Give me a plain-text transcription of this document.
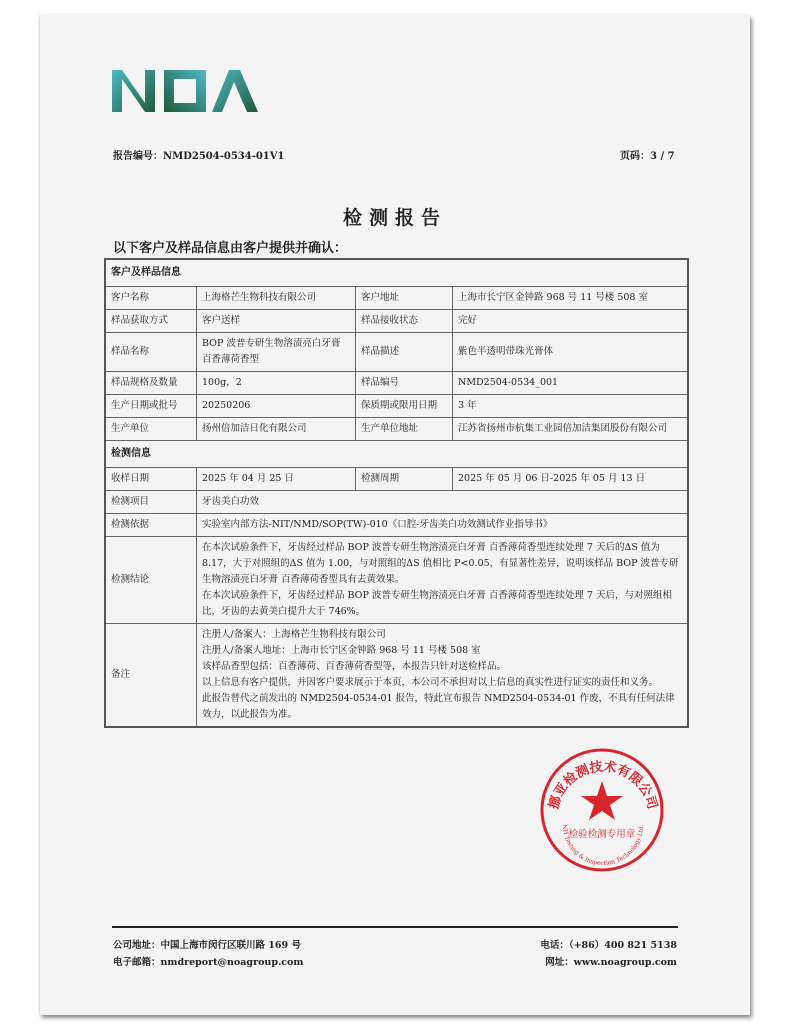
报告编号：NMD2504-0534-01V1	页码：3 / 7
检测报告
以下客户及样品信息由客户提供并确认：
客户及样品信息			
客户名称	上海格芒生物科技有限公司	客户地址	上海市长宁区金钟路 968 号 11 号楼 508 室
样品获取方式	客户送样	样品接收状态	完好
样品名称	BOP 波普专研生物溶渍亮白牙膏 百香薄荷香型	样品描述	紫色半透明带珠光膏体
样品规格及数量	100g，2	样品编号	NMD2504-0534_001
生产日期或批号	20250206	保质期或限用日期	3 年
生产单位	扬州倍加洁日化有限公司	生产单位地址	江苏省扬州市杭集工业园倍加洁集团股份有限公司
检测信息			
收样日期	2025 年 04 月 25 日	检测周期	2025 年 05 月 06 日-2025 年 05 月 13 日
检测项目	牙齿美白功效		
检测依据	实验室内部方法-NIT/NMD/SOP(TW)-010《口腔-牙齿美白功效测试作业指导书》		
检测结论	在本次试验条件下，牙齿经过样品 BOP 波普专研生物溶渍亮白牙膏 百香薄荷香型连续处理 7 天后的ΔS 值为 8.17，大于对照组的ΔS 值为 1.00，与对照组的ΔS 值相比 P<0.05，有显著性差异，说明该样品 BOP 波普专研生物溶渍亮白牙膏 百香薄荷香型具有去黄效果。
在本次试验条件下，牙齿经过样品 BOP 波普专研生物溶渍亮白牙膏 百香薄荷香型连续处理 7 天后，与对照组相比，牙齿的去黄美白提升大于 746%。		

备注	注册人/备案人：上海格芒生物科技有限公司
注册人/备案人地址：上海市长宁区金钟路 968 号 11 号楼 508 室
该样品香型包括：百香薄荷、百香薄荷香型等，本报告只针对送检样品。
以上信息有客户提供，并因客户要求展示于本页，本公司不承担对以上信息的真实性进行证实的责任和义务。
此报告替代之前发出的 NMD2504-0534-01 报告，特此宣布报告 NMD2504-0534-01 作废，不具有任何法律效力，以此报告为准。		
挪亚检测技术有限公司
检验检测专用章
NH Testing & Inspection Technology Ltd.
公司地址：中国上海市闵行区联川路 169 号
电子邮箱：nmdreport@noagroup.com
电话：（+86）400 821 5138
网址：www.noagroup.com
